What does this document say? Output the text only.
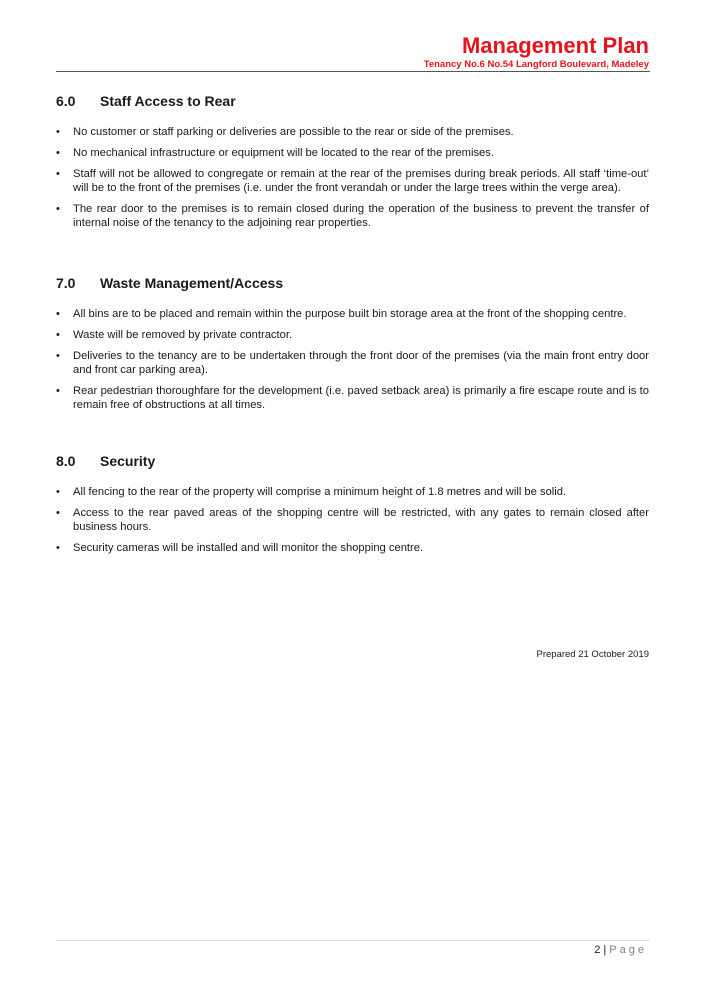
Management Plan
Tenancy No.6 No.54 Langford Boulevard, Madeley
6.0	Staff Access to Rear
• No customer or staff parking or deliveries are possible to the rear or side of the premises.
• No mechanical infrastructure or equipment will be located to the rear of the premises.
• Staff will not be allowed to congregate or remain at the rear of the premises during break periods. All staff ‘time-out’ will be to the front of the premises (i.e. under the front verandah or under the large trees within the verge area).
• The rear door to the premises is to remain closed during the operation of the business to prevent the transfer of internal noise of the tenancy to the adjoining rear properties.
7.0	Waste Management/Access
• All bins are to be placed and remain within the purpose built bin storage area at the front of the shopping centre.
• Waste will be removed by private contractor.
• Deliveries to the tenancy are to be undertaken through the front door of the premises (via the main front entry door and front car parking area).
• Rear pedestrian thoroughfare for the development (i.e. paved setback area) is primarily a fire escape route and is to remain free of obstructions at all times.
8.0	Security
• All fencing to the rear of the property will comprise a minimum height of 1.8 metres and will be solid.
• Access to the rear paved areas of the shopping centre will be restricted, with any gates to remain closed after business hours.
• Security cameras will be installed and will monitor the shopping centre.
Prepared 21 October 2019
2 | Page
